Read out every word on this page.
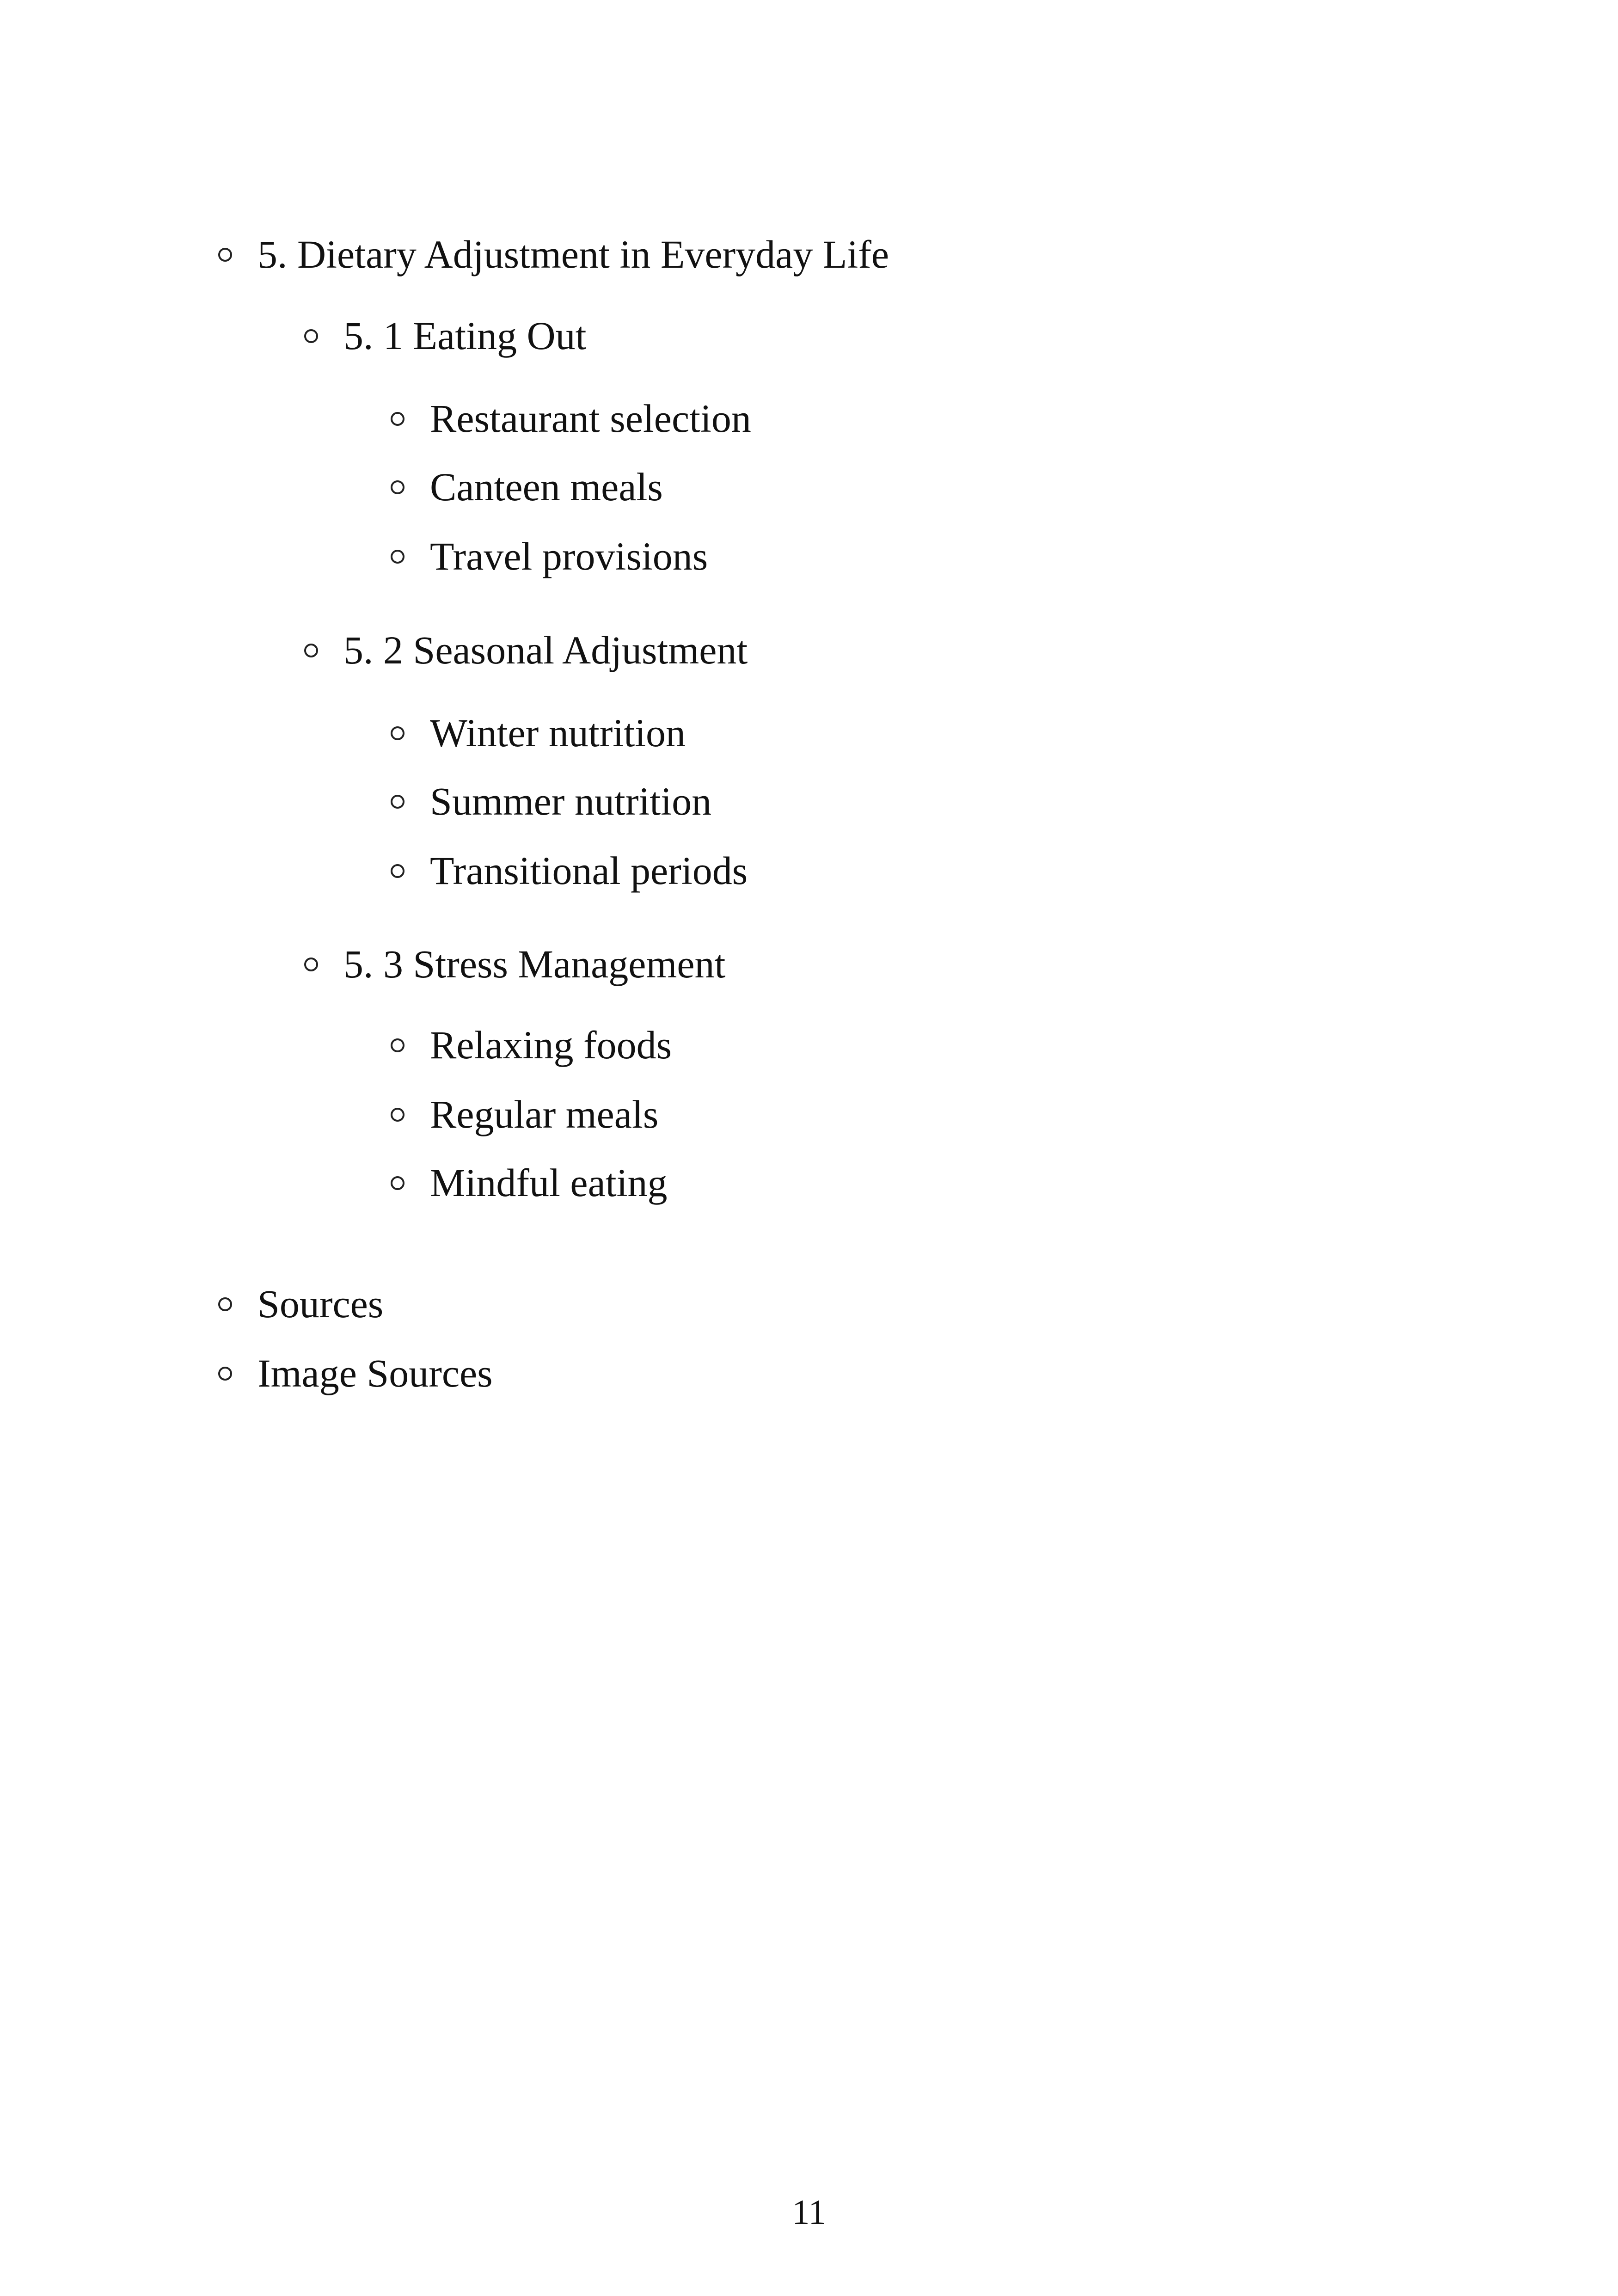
5. Dietary Adjustment in Everyday Life
5. 1 Eating Out
Restaurant selection
Canteen meals
Travel provisions
5. 2 Seasonal Adjustment
Winter nutrition
Summer nutrition
Transitional periods
5. 3 Stress Management
Relaxing foods
Regular meals
Mindful eating
Sources
Image Sources
11
